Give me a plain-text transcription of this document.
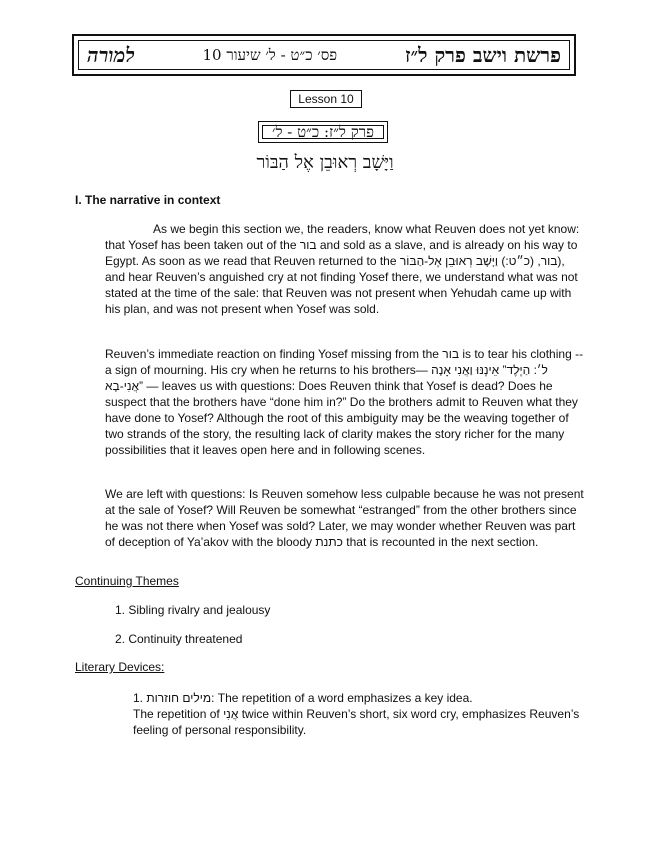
פרשת וישב פרק ל״ז
פס׳ כ״ט - ל׳ שיעור 10
למורה
Lesson 10
פרק ל״ז: כ״ט - ל׳
וַיָּשָׁב רְאוּבֵן אֶל הַבּוֹר
I. The narrative in context

As we begin this section we, the readers, know what Reuven does not yet know: that Yosef has been taken out of the בור and sold as a slave, and is already on his way to Egypt. As soon as we read that Reuven returned to the בור, (כ״ט:) וַיָּשָׁב רְאוּבֵן אֶל-הַבּוֹר), and hear Reuven’s anguished cry at not finding Yosef there, we understand what was not stated at the time of the sale: that Reuven was not present when Yehudah came up with his plan, and was not present when Yosef was sold.

Reuven’s immediate reaction on finding Yosef missing from the בור is to tear his clothing -- a sign of mourning. His cry when he returns to his brothers— ל׳: הַיֶּלֶד” אֵינֶנּוּ וַאֲנִי אָנָה אֲנִי-בָא” — leaves us with questions: Does Reuven think that Yosef is dead? Does he suspect that the brothers have “done him in?” Do the brothers admit to Reuven what they have done to Yosef? Although the root of this ambiguity may be the weaving together of two strands of the story, the resulting lack of clarity makes the story richer for the many possibilities that it leaves open here and in following scenes.

We are left with questions: Is Reuven somehow less culpable because he was not present at the sale of Yosef? Will Reuven be somewhat “estranged” from the other brothers since he was not there when Yosef was sold? Later, we may wonder whether Reuven was part of deception of Ya’akov with the bloody כתנת that is recounted in the next section.

Continuing Themes
1. Sibling rivalry and jealousy
2. Continuity threatened
Literary Devices:
1. מילים חוזרות: The repetition of a word emphasizes a key idea.
The repetition of אֲנִי twice within Reuven’s short, six word cry, emphasizes Reuven’s feeling of personal responsibility.
